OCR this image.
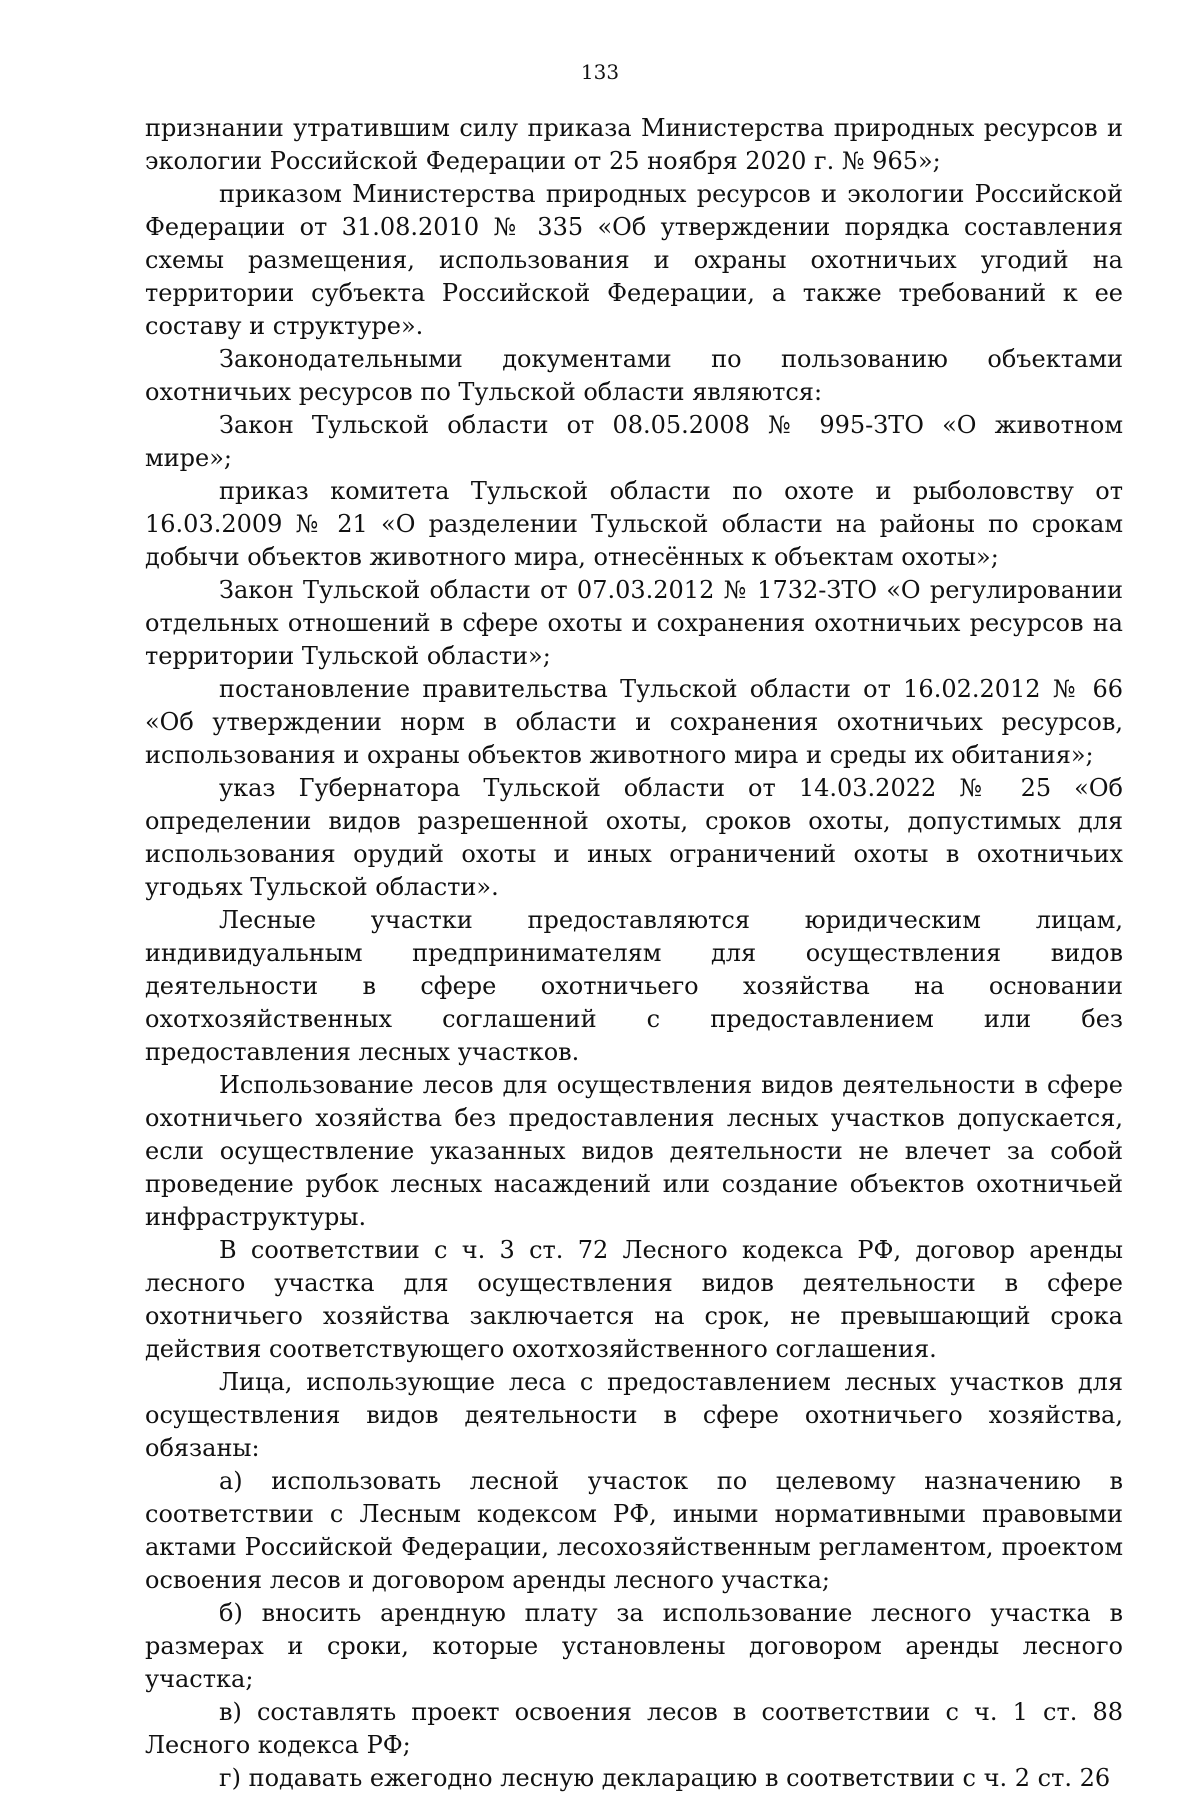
133

признании утратившим силу приказа Министерства природных ресурсов и экологии Российской Федерации от 25 ноября 2020 г. № 965»;

приказом Министерства природных ресурсов и экологии Российской Федерации от 31.08.2010 № 335 «Об утверждении порядка составления схемы размещения, использования и охраны охотничьих угодий на территории субъекта Российской Федерации, а также требований к ее составу и структуре».

Законодательными документами по пользованию объектами охотничьих ресурсов по Тульской области являются:

Закон Тульской области от 08.05.2008 № 995-ЗТО «О животном мире»;

приказ комитета Тульской области по охоте и рыболовству от 16.03.2009 № 21 «О разделении Тульской области на районы по срокам добычи объектов животного мира, отнесённых к объектам охоты»;

Закон Тульской области от 07.03.2012 № 1732-ЗТО «О регулировании отдельных отношений в сфере охоты и сохранения охотничьих ресурсов на территории Тульской области»;

постановление правительства Тульской области от 16.02.2012 № 66 «Об утверждении норм в области и сохранения охотничьих ресурсов, использования и охраны объектов животного мира и среды их обитания»;

указ Губернатора Тульской области от 14.03.2022 № 25 «Об определении видов разрешенной охоты, сроков охоты, допустимых для использования орудий охоты и иных ограничений охоты в охотничьих угодьях Тульской области».

Лесные участки предоставляются юридическим лицам, индивидуальным предпринимателям для осуществления видов деятельности в сфере охотничьего хозяйства на основании охотхозяйственных соглашений с предоставлением или без предоставления лесных участков.

Использование лесов для осуществления видов деятельности в сфере охотничьего хозяйства без предоставления лесных участков допускается, если осуществление указанных видов деятельности не влечет за собой проведение рубок лесных насаждений или создание объектов охотничьей инфраструктуры.

В соответствии с ч. 3 ст. 72 Лесного кодекса РФ, договор аренды лесного участка для осуществления видов деятельности в сфере охотничьего хозяйства заключается на срок, не превышающий срока действия соответствующего охотхозяйственного соглашения.

Лица, использующие леса с предоставлением лесных участков для осуществления видов деятельности в сфере охотничьего хозяйства, обязаны:

а) использовать лесной участок по целевому назначению в соответствии с Лесным кодексом РФ, иными нормативными правовыми актами Российской Федерации, лесохозяйственным регламентом, проектом освоения лесов и договором аренды лесного участка;

б) вносить арендную плату за использование лесного участка в размерах и сроки, которые установлены договором аренды лесного участка;

в) составлять проект освоения лесов в соответствии с ч. 1 ст. 88 Лесного кодекса РФ;

г) подавать ежегодно лесную декларацию в соответствии с ч. 2 ст. 26
